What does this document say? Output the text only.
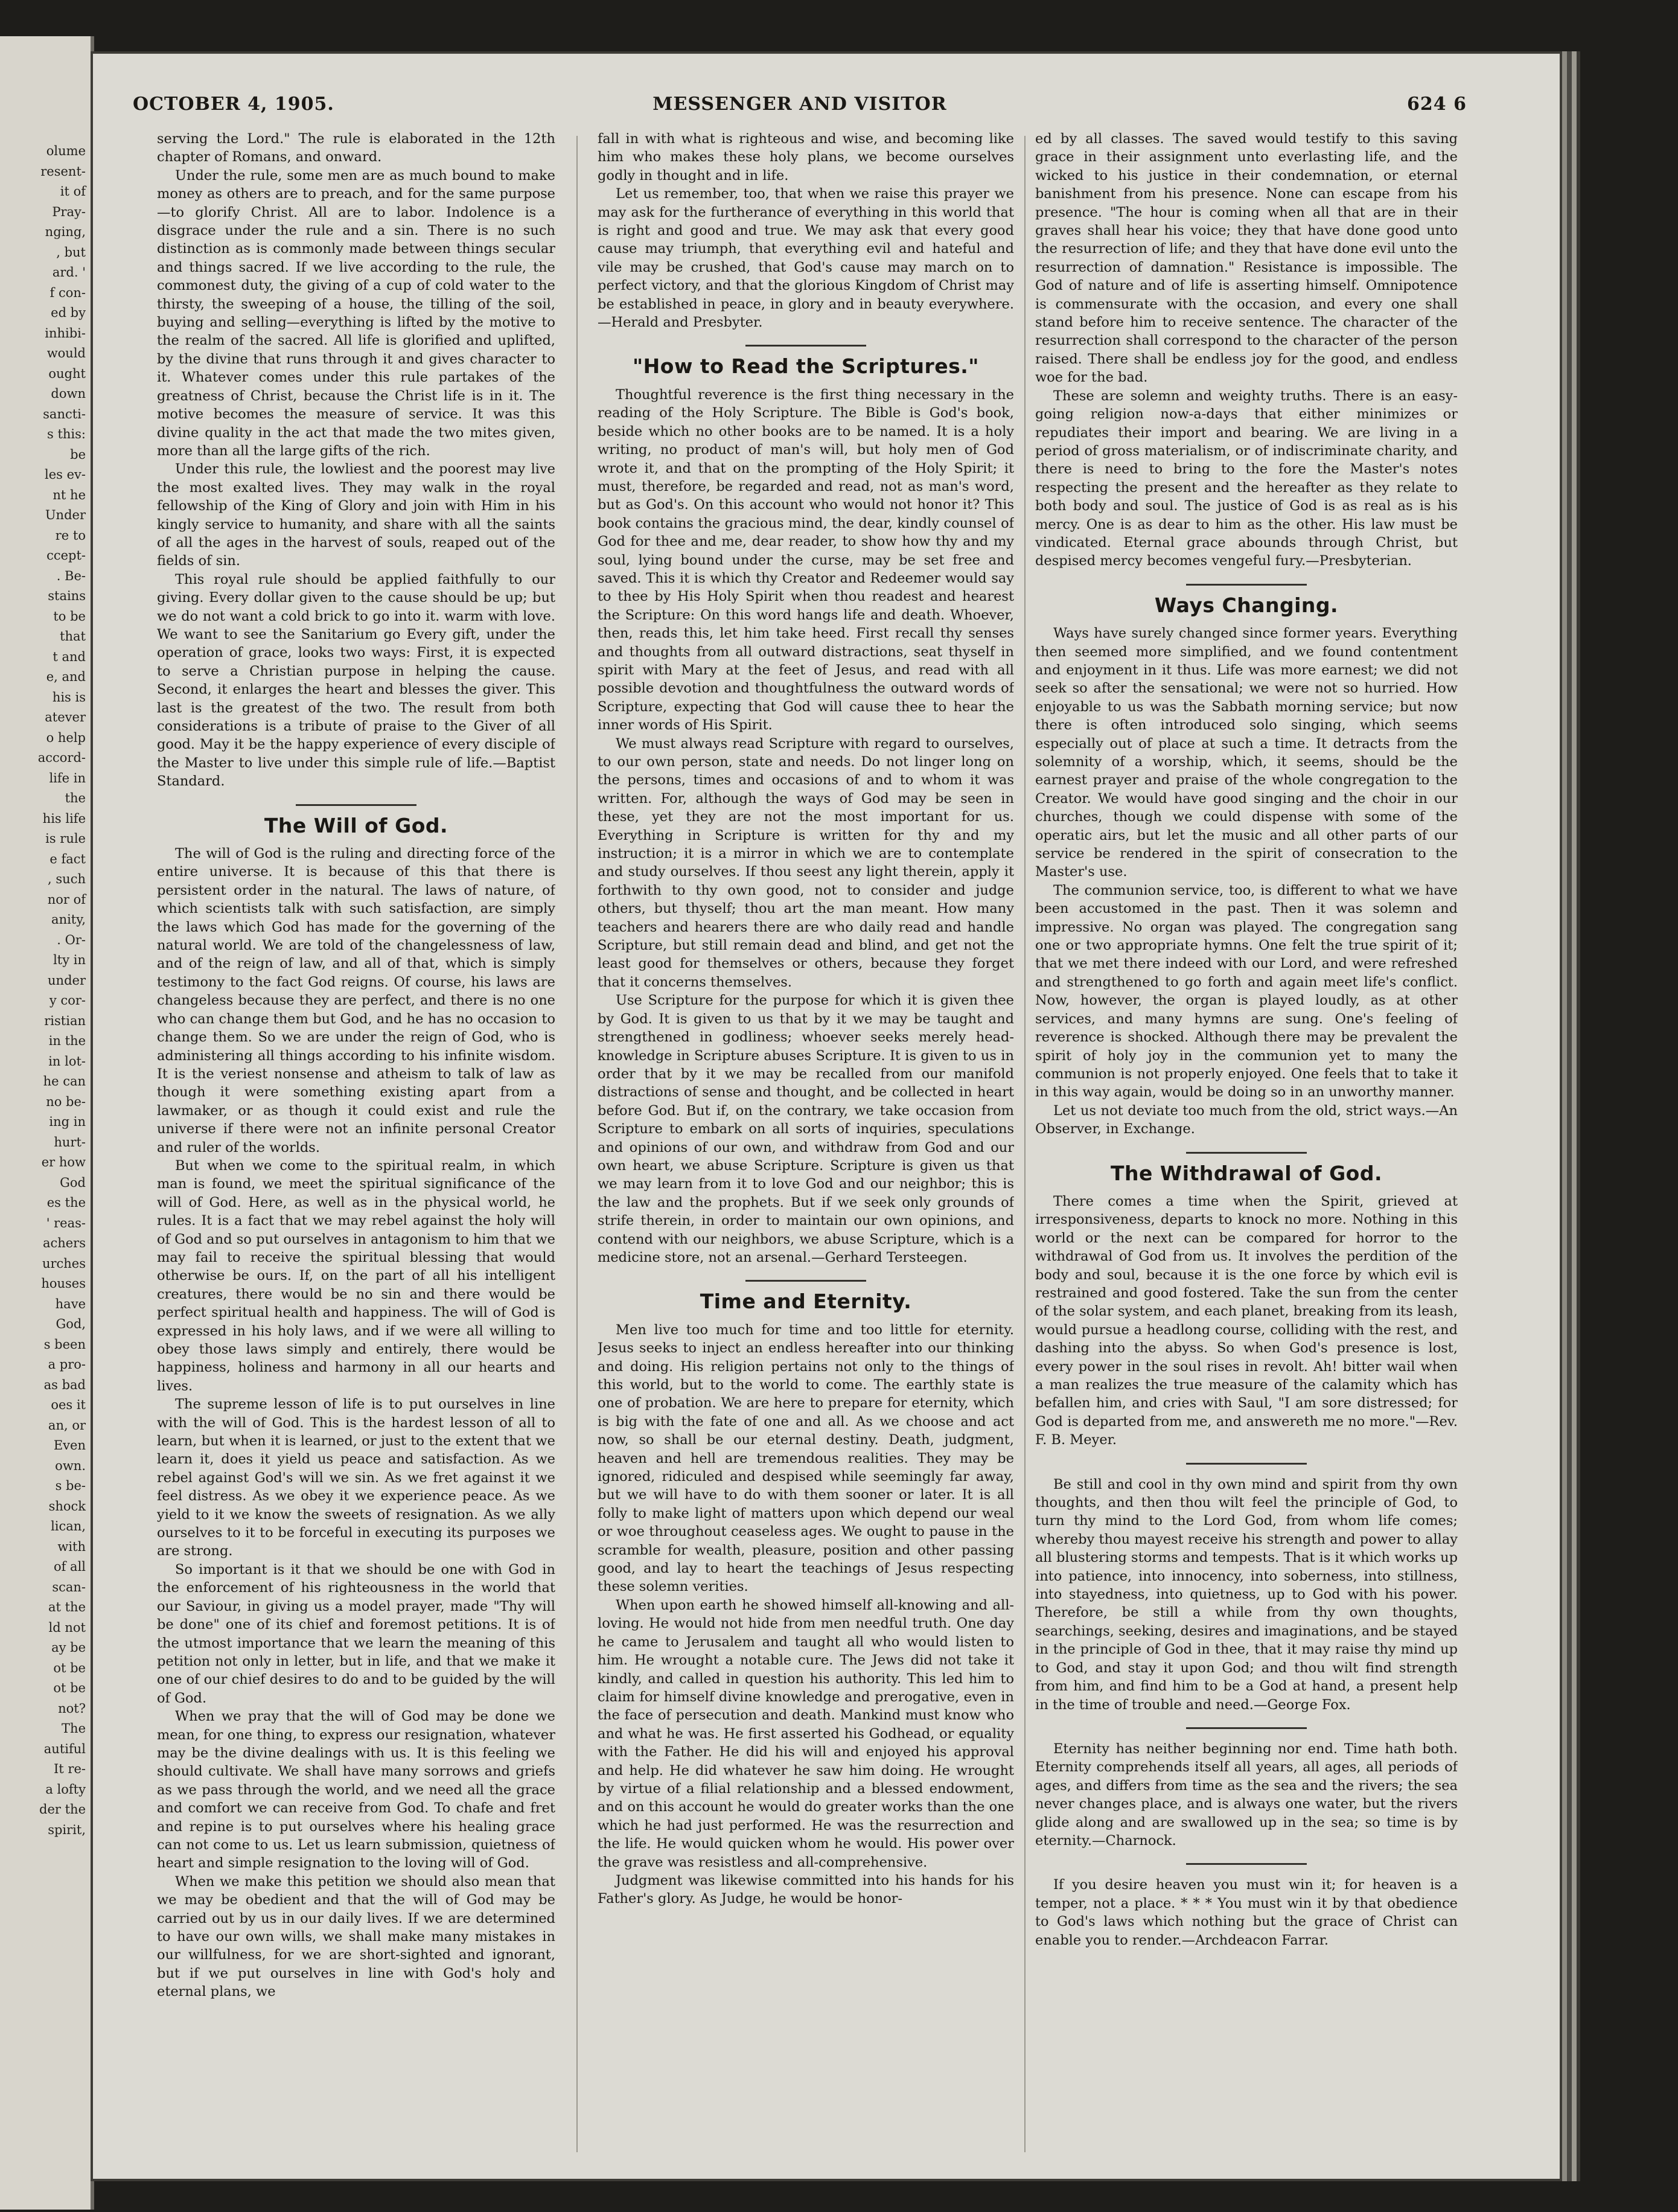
olume
resent-
it of
Pray-
nging,
, but
ard. '
f con-
ed by
inhibi-
would
ought
down
sancti-
s this:
be
les ev-
nt he
Under
re to
ccept-
. Be-
stains
to be
that
t and
e, and
his is
atever
o help
accord-
life in
the
his life
is rule
e fact
, such
nor of
anity,
. Or-
lty in
under
y cor-
ristian
in the
in lot-
he can
no be-
ing in
hurt-
er how
God
es the
' reas-
achers
urches
houses
have
God,
s been
a pro-
as bad
oes it
an, or
Even
own.
s be-
shock
lican,
with
of all
scan-
at the
ld not
ay be
ot be
ot be
not?
The
autiful
It re-
a lofty
der the
spirit,
OCTOBER 4, 1905.	MESSENGER AND VISITOR	624 6

serving the Lord." The rule is elaborated in the 12th chapter of Romans, and onward.

Under the rule, some men are as much bound to make money as others are to preach, and for the same purpose—to glorify Christ. All are to labor. Indolence is a disgrace under the rule and a sin. There is no such distinction as is commonly made between things secular and things sacred. If we live according to the rule, the commonest duty, the giving of a cup of cold water to the thirsty, the sweeping of a house, the tilling of the soil, buying and selling—everything is lifted by the motive to the realm of the sacred. All life is glorified and uplifted, by the divine that runs through it and gives character to it. Whatever comes under this rule partakes of the greatness of Christ, because the Christ life is in it. The motive becomes the measure of service. It was this divine quality in the act that made the two mites given, more than all the large gifts of the rich.

Under this rule, the lowliest and the poorest may live the most exalted lives. They may walk in the royal fellowship of the King of Glory and join with Him in his kingly service to humanity, and share with all the saints of all the ages in the harvest of souls, reaped out of the fields of sin.

This royal rule should be applied faithfully to our giving. Every dollar given to the cause should be up; but we do not want a cold brick to go into it. warm with love. We want to see the Sanitarium go Every gift, under the operation of grace, looks two ways: First, it is expected to serve a Christian purpose in helping the cause. Second, it enlarges the heart and blesses the giver. This last is the greatest of the two. The result from both considerations is a tribute of praise to the Giver of all good. May it be the happy experience of every disciple of the Master to live under this simple rule of life.—Baptist Standard.

The Will of God.

The will of God is the ruling and directing force of the entire universe. It is because of this that there is persistent order in the natural. The laws of nature, of which scientists talk with such satisfaction, are simply the laws which God has made for the governing of the natural world. We are told of the changelessness of law, and of the reign of law, and all of that, which is simply testimony to the fact God reigns. Of course, his laws are changeless because they are perfect, and there is no one who can change them but God, and he has no occasion to change them. So we are under the reign of God, who is administering all things according to his infinite wisdom. It is the veriest nonsense and atheism to talk of law as though it were something existing apart from a lawmaker, or as though it could exist and rule the universe if there were not an infinite personal Creator and ruler of the worlds.

But when we come to the spiritual realm, in which man is found, we meet the spiritual significance of the will of God. Here, as well as in the physical world, he rules. It is a fact that we may rebel against the holy will of God and so put ourselves in antagonism to him that we may fail to receive the spiritual blessing that would otherwise be ours. If, on the part of all his intelligent creatures, there would be no sin and there would be perfect spiritual health and happiness. The will of God is expressed in his holy laws, and if we were all willing to obey those laws simply and entirely, there would be happiness, holiness and harmony in all our hearts and lives.

The supreme lesson of life is to put ourselves in line with the will of God. This is the hardest lesson of all to learn, but when it is learned, or just to the extent that we learn it, does it yield us peace and satisfaction. As we rebel against God's will we sin. As we fret against it we feel distress. As we obey it we experience peace. As we yield to it we know the sweets of resignation. As we ally ourselves to it to be forceful in executing its purposes we are strong.

So important is it that we should be one with God in the enforcement of his righteousness in the world that our Saviour, in giving us a model prayer, made "Thy will be done" one of its chief and foremost petitions. It is of the utmost importance that we learn the meaning of this petition not only in letter, but in life, and that we make it one of our chief desires to do and to be guided by the will of God.

When we pray that the will of God may be done we mean, for one thing, to express our resignation, whatever may be the divine dealings with us. It is this feeling we should cultivate. We shall have many sorrows and griefs as we pass through the world, and we need all the grace and comfort we can receive from God. To chafe and fret and repine is to put ourselves where his healing grace can not come to us. Let us learn submission, quietness of heart and simple resignation to the loving will of God.

When we make this petition we should also mean that we may be obedient and that the will of God may be carried out by us in our daily lives. If we are determined to have our own wills, we shall make many mistakes in our willfulness, for we are short-sighted and ignorant, but if we put ourselves in line with God's holy and eternal plans, we

fall in with what is righteous and wise, and becoming like him who makes these holy plans, we become ourselves godly in thought and in life.

Let us remember, too, that when we raise this prayer we may ask for the furtherance of everything in this world that is right and good and true. We may ask that every good cause may triumph, that everything evil and hateful and vile may be crushed, that God's cause may march on to perfect victory, and that the glorious Kingdom of Christ may be established in peace, in glory and in beauty everywhere.—Herald and Presbyter.

"How to Read the Scriptures."

Thoughtful reverence is the first thing necessary in the reading of the Holy Scripture. The Bible is God's book, beside which no other books are to be named. It is a holy writing, no product of man's will, but holy men of God wrote it, and that on the prompting of the Holy Spirit; it must, therefore, be regarded and read, not as man's word, but as God's. On this account who would not honor it? This book contains the gracious mind, the dear, kindly counsel of God for thee and me, dear reader, to show how thy and my soul, lying bound under the curse, may be set free and saved. This it is which thy Creator and Redeemer would say to thee by His Holy Spirit when thou readest and hearest the Scripture: On this word hangs life and death. Whoever, then, reads this, let him take heed. First recall thy senses and thoughts from all outward distractions, seat thyself in spirit with Mary at the feet of Jesus, and read with all possible devotion and thoughtfulness the outward words of Scripture, expecting that God will cause thee to hear the inner words of His Spirit.

We must always read Scripture with regard to ourselves, to our own person, state and needs. Do not linger long on the persons, times and occasions of and to whom it was written. For, although the ways of God may be seen in these, yet they are not the most important for us. Everything in Scripture is written for thy and my instruction; it is a mirror in which we are to contemplate and study ourselves. If thou seest any light therein, apply it forthwith to thy own good, not to consider and judge others, but thyself; thou art the man meant. How many teachers and hearers there are who daily read and handle Scripture, but still remain dead and blind, and get not the least good for themselves or others, because they forget that it concerns themselves.

Use Scripture for the purpose for which it is given thee by God. It is given to us that by it we may be taught and strengthened in godliness; whoever seeks merely head-knowledge in Scripture abuses Scripture. It is given to us in order that by it we may be recalled from our manifold distractions of sense and thought, and be collected in heart before God. But if, on the contrary, we take occasion from Scripture to embark on all sorts of inquiries, speculations and opinions of our own, and withdraw from God and our own heart, we abuse Scripture. Scripture is given us that we may learn from it to love God and our neighbor; this is the law and the prophets. But if we seek only grounds of strife therein, in order to maintain our own opinions, and contend with our neighbors, we abuse Scripture, which is a medicine store, not an arsenal.—Gerhard Tersteegen.

Time and Eternity.

Men live too much for time and too little for eternity. Jesus seeks to inject an endless hereafter into our thinking and doing. His religion pertains not only to the things of this world, but to the world to come. The earthly state is one of probation. We are here to prepare for eternity, which is big with the fate of one and all. As we choose and act now, so shall be our eternal destiny. Death, judgment, heaven and hell are tremendous realities. They may be ignored, ridiculed and despised while seemingly far away, but we will have to do with them sooner or later. It is all folly to make light of matters upon which depend our weal or woe throughout ceaseless ages. We ought to pause in the scramble for wealth, pleasure, position and other passing good, and lay to heart the teachings of Jesus respecting these solemn verities.

When upon earth he showed himself all-knowing and all-loving. He would not hide from men needful truth. One day he came to Jerusalem and taught all who would listen to him. He wrought a notable cure. The Jews did not take it kindly, and called in question his authority. This led him to claim for himself divine knowledge and prerogative, even in the face of persecution and death. Mankind must know who and what he was. He first asserted his Godhead, or equality with the Father. He did his will and enjoyed his approval and help. He did whatever he saw him doing. He wrought by virtue of a filial relationship and a blessed endowment, and on this account he would do greater works than the one which he had just performed. He was the resurrection and the life. He would quicken whom he would. His power over the grave was resistless and all-comprehensive.

Judgment was likewise committed into his hands for his Father's glory. As Judge, he would be honor-

ed by all classes. The saved would testify to this saving grace in their assignment unto everlasting life, and the wicked to his justice in their condemnation, or eternal banishment from his presence. None can escape from his presence. "The hour is coming when all that are in their graves shall hear his voice; they that have done good unto the resurrection of life; and they that have done evil unto the resurrection of damnation." Resistance is impossible. The God of nature and of life is asserting himself. Omnipotence is commensurate with the occasion, and every one shall stand before him to receive sentence. The character of the resurrection shall correspond to the character of the person raised. There shall be endless joy for the good, and endless woe for the bad.

These are solemn and weighty truths. There is an easy-going religion now-a-days that either minimizes or repudiates their import and bearing. We are living in a period of gross materialism, or of indiscriminate charity, and there is need to bring to the fore the Master's notes respecting the present and the hereafter as they relate to both body and soul. The justice of God is as real as is his mercy. One is as dear to him as the other. His law must be vindicated. Eternal grace abounds through Christ, but despised mercy becomes vengeful fury.—Presbyterian.

Ways Changing.

Ways have surely changed since former years. Everything then seemed more simplified, and we found contentment and enjoyment in it thus. Life was more earnest; we did not seek so after the sensational; we were not so hurried. How enjoyable to us was the Sabbath morning service; but now there is often introduced solo singing, which seems especially out of place at such a time. It detracts from the solemnity of a worship, which, it seems, should be the earnest prayer and praise of the whole congregation to the Creator. We would have good singing and the choir in our churches, though we could dispense with some of the operatic airs, but let the music and all other parts of our service be rendered in the spirit of consecration to the Master's use.

The communion service, too, is different to what we have been accustomed in the past. Then it was solemn and impressive. No organ was played. The congregation sang one or two appropriate hymns. One felt the true spirit of it; that we met there indeed with our Lord, and were refreshed and strengthened to go forth and again meet life's conflict. Now, however, the organ is played loudly, as at other services, and many hymns are sung. One's feeling of reverence is shocked. Although there may be prevalent the spirit of holy joy in the communion yet to many the communion is not properly enjoyed. One feels that to take it in this way again, would be doing so in an unworthy manner.

Let us not deviate too much from the old, strict ways.—An Observer, in Exchange.

The Withdrawal of God.

There comes a time when the Spirit, grieved at irresponsiveness, departs to knock no more. Nothing in this world or the next can be compared for horror to the withdrawal of God from us. It involves the perdition of the body and soul, because it is the one force by which evil is restrained and good fostered. Take the sun from the center of the solar system, and each planet, breaking from its leash, would pursue a headlong course, colliding with the rest, and dashing into the abyss. So when God's presence is lost, every power in the soul rises in revolt. Ah! bitter wail when a man realizes the true measure of the calamity which has befallen him, and cries with Saul, "I am sore distressed; for God is departed from me, and answereth me no more."—Rev. F. B. Meyer.

Be still and cool in thy own mind and spirit from thy own thoughts, and then thou wilt feel the principle of God, to turn thy mind to the Lord God, from whom life comes; whereby thou mayest receive his strength and power to allay all blustering storms and tempests. That is it which works up into patience, into innocency, into soberness, into stillness, into stayedness, into quietness, up to God with his power. Therefore, be still a while from thy own thoughts, searchings, seeking, desires and imaginations, and be stayed in the principle of God in thee, that it may raise thy mind up to God, and stay it upon God; and thou wilt find strength from him, and find him to be a God at hand, a present help in the time of trouble and need.—George Fox.

Eternity has neither beginning nor end. Time hath both. Eternity comprehends itself all years, all ages, all periods of ages, and differs from time as the sea and the rivers; the sea never changes place, and is always one water, but the rivers glide along and are swallowed up in the sea; so time is by eternity.—Charnock.

If you desire heaven you must win it; for heaven is a temper, not a place. * * * You must win it by that obedience to God's laws which nothing but the grace of Christ can enable you to render.—Archdeacon Farrar.
